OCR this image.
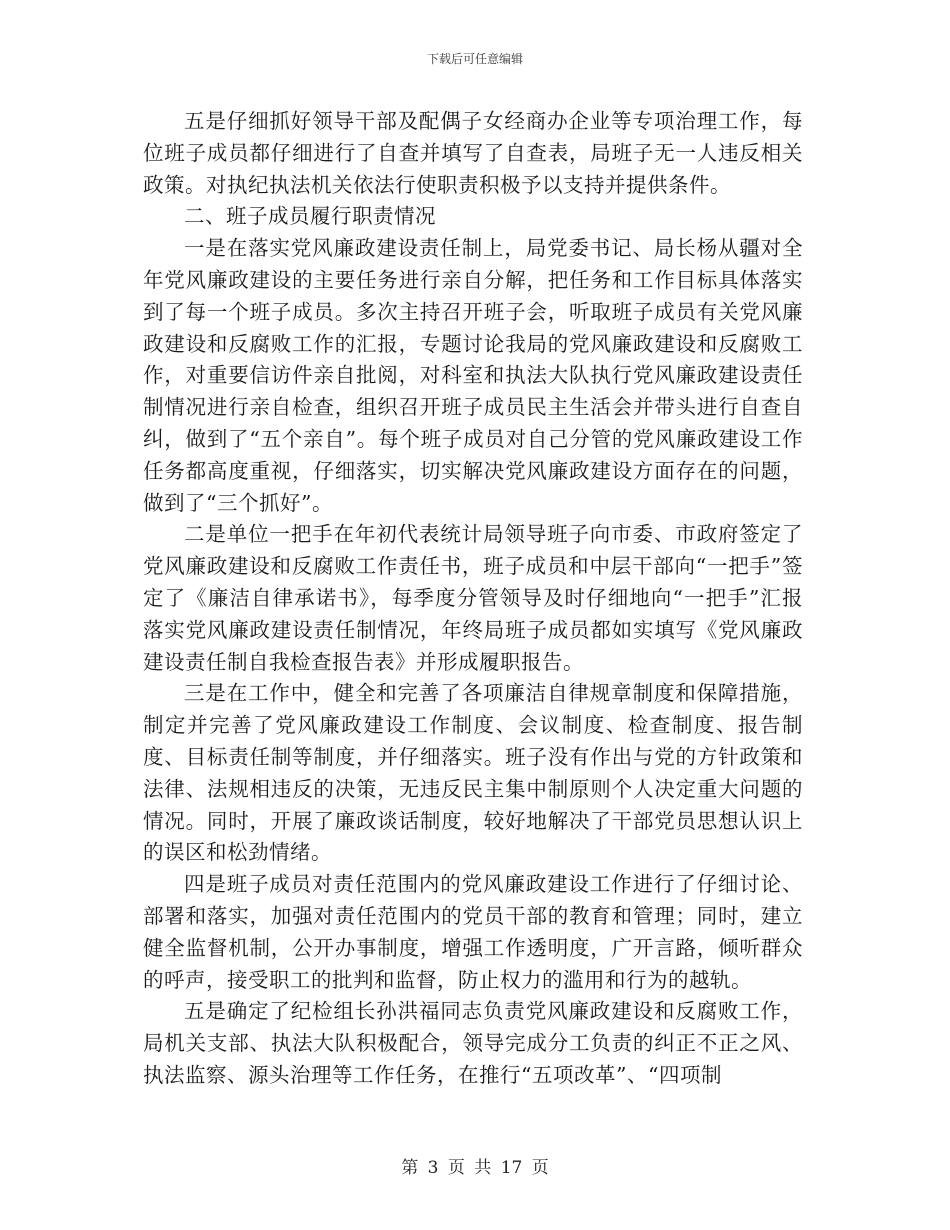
下载后可任意编辑

五是仔细抓好领导干部及配偶子女经商办企业等专项治理工作，每位班子成员都仔细进行了自查并填写了自查表，局班子无一人违反相关政策。对执纪执法机关依法行使职责积极予以支持并提供条件。

二、班子成员履行职责情况

一是在落实党风廉政建设责任制上，局党委书记、局长杨从疆对全年党风廉政建设的主要任务进行亲自分解，把任务和工作目标具体落实到了每一个班子成员。多次主持召开班子会，听取班子成员有关党风廉政建设和反腐败工作的汇报，专题讨论我局的党风廉政建设和反腐败工作，对重要信访件亲自批阅，对科室和执法大队执行党风廉政建设责任制情况进行亲自检查，组织召开班子成员民主生活会并带头进行自查自纠，做到了“五个亲自”。每个班子成员对自己分管的党风廉政建设工作任务都高度重视，仔细落实，切实解决党风廉政建设方面存在的问题，做到了“三个抓好”。

二是单位一把手在年初代表统计局领导班子向市委、市政府签定了党风廉政建设和反腐败工作责任书，班子成员和中层干部向“一把手”签定了《廉洁自律承诺书》，每季度分管领导及时仔细地向“一把手”汇报落实党风廉政建设责任制情况，年终局班子成员都如实填写《党风廉政建设责任制自我检查报告表》并形成履职报告。

三是在工作中，健全和完善了各项廉洁自律规章制度和保障措施，制定并完善了党风廉政建设工作制度、会议制度、检查制度、报告制度、目标责任制等制度，并仔细落实。班子没有作出与党的方针政策和法律、法规相违反的决策，无违反民主集中制原则个人决定重大问题的情况。同时，开展了廉政谈话制度，较好地解决了干部党员思想认识上的误区和松劲情绪。

四是班子成员对责任范围内的党风廉政建设工作进行了仔细讨论、部署和落实，加强对责任范围内的党员干部的教育和管理；同时，建立健全监督机制，公开办事制度，增强工作透明度，广开言路，倾听群众的呼声，接受职工的批判和监督，防止权力的滥用和行为的越轨。

五是确定了纪检组长孙洪福同志负责党风廉政建设和反腐败工作，局机关支部、执法大队积极配合，领导完成分工负责的纠正不正之风、执法监察、源头治理等工作任务，在推行“五项改革”、“四项制

第 3 页 共 17 页
